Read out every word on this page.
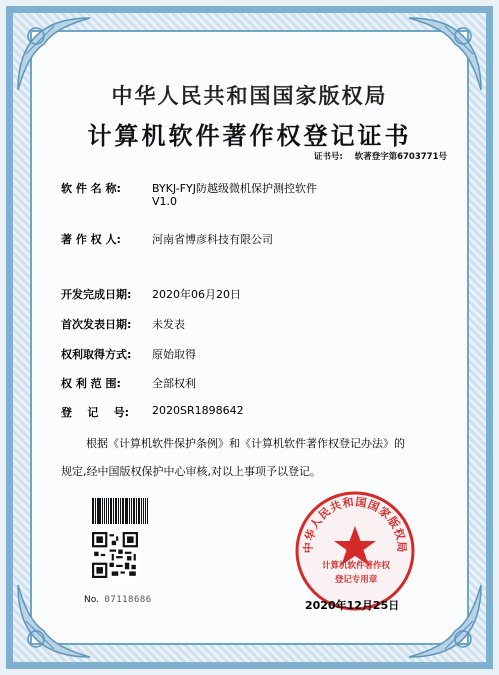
中华人民共和国国家版权局
计算机软件著作权登记证书
证书号: 软著登字第6703771号
软 件 名 称:	BYKJ-FYJ防越级微机保护测控软件
V1.0
著 作 权 人:	河南省博彦科技有限公司
开发完成日期: 2020年06月20日
首次发表日期: 未发表
权利取得方式: 原始取得
权 利 范 围:	全部权利
登    记    号: 2020SR1898642
根据《计算机软件保护条例》和《计算机软件著作权登记办法》的
规定,经中国版权保护中心审核,对以上事项予以登记。
No. 07118686
中华人民共和国国家版权局
计算机软件著作权
登记专用章
2020年12月25日
